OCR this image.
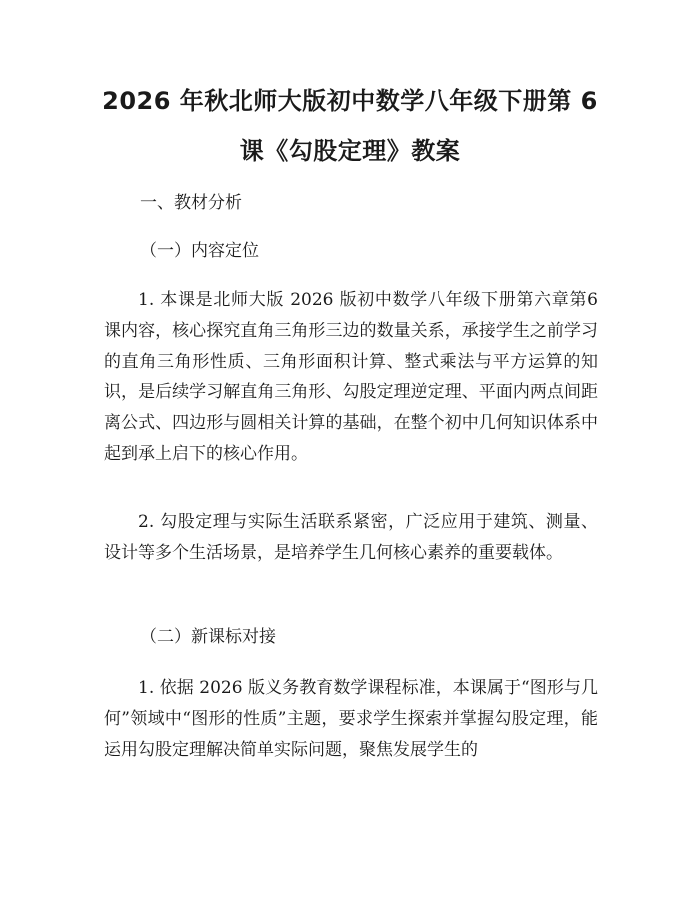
2026 年秋北师大版初中数学八年级下册第 6
课《勾股定理》教案

一、教材分析

（一）内容定位

1. 本课是北师大版 2026 版初中数学八年级下册第六章第6课内容，核心探究直角三角形三边的数量关系，承接学生之前学习的直角三角形性质、三角形面积计算、整式乘法与平方运算的知识，是后续学习解直角三角形、勾股定理逆定理、平面内两点间距离公式、四边形与圆相关计算的基础，在整个初中几何知识体系中起到承上启下的核心作用。

2. 勾股定理与实际生活联系紧密，广泛应用于建筑、测量、设计等多个生活场景，是培养学生几何核心素养的重要载体。

（二）新课标对接

1. 依据 2026 版义务教育数学课程标准，本课属于“图形与几何”领域中“图形的性质”主题，要求学生探索并掌握勾股定理，能运用勾股定理解决简单实际问题，聚焦发展学生的
